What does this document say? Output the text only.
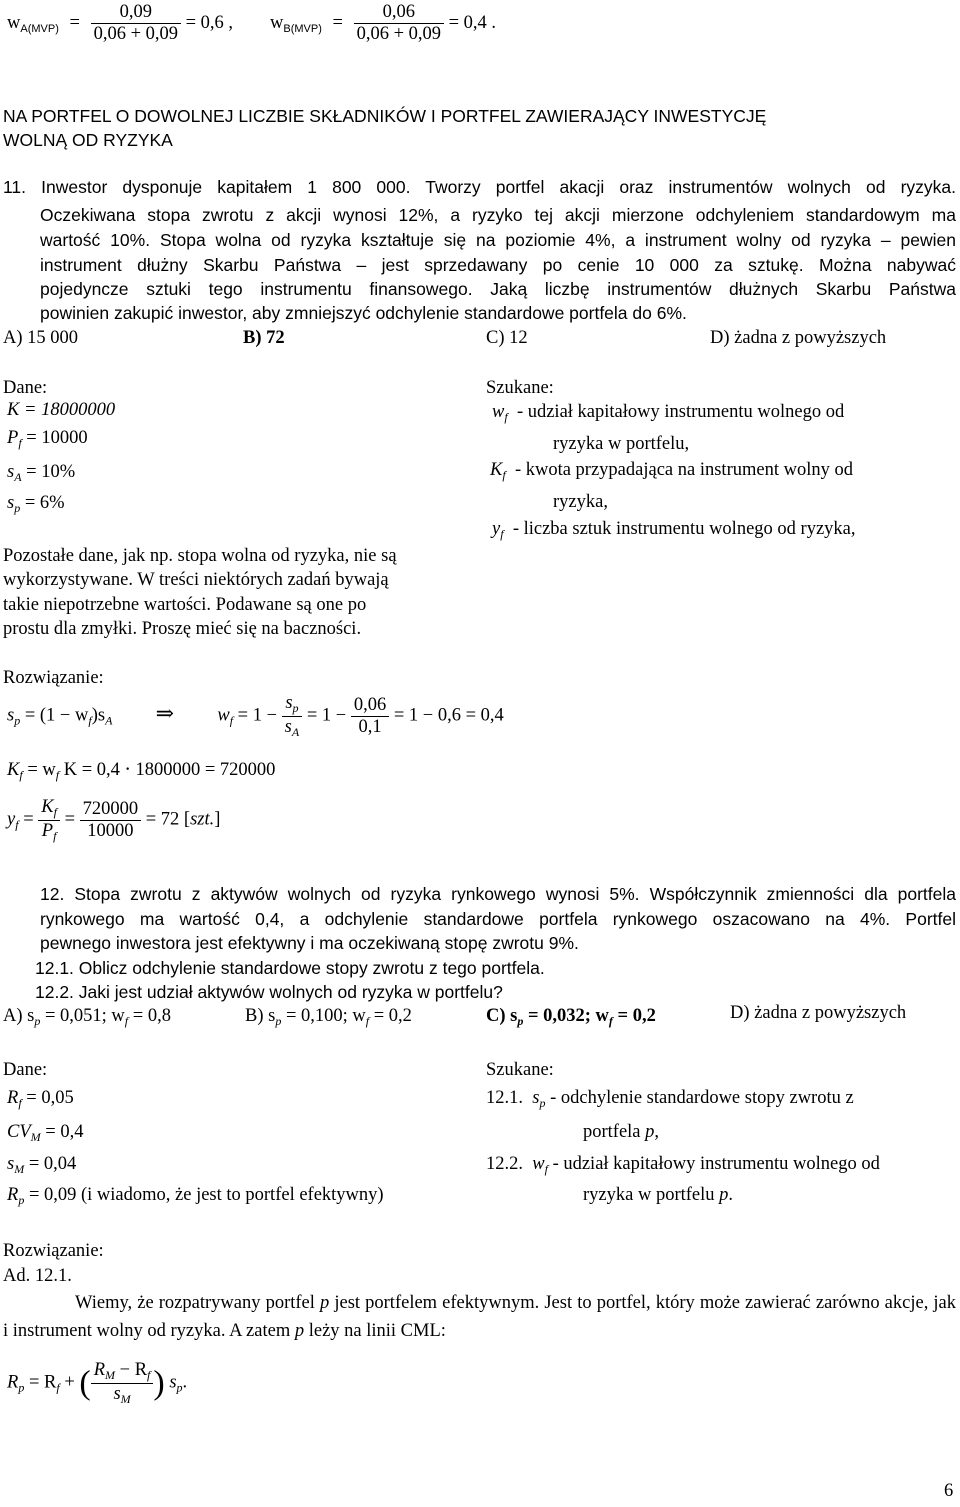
$w_{A(MVP)} = \frac{0,09}{0,06 + 0,09} = 0,6$ , $w_{B(MVP)} = \frac{0,06}{0,06 + 0,09} = 0,4$ .
NA PORTFEL O DOWOLNEJ LICZBIE SKŁADNIKÓW I PORTFEL ZAWIERAJĄCY INWESTYCJĘ
WOLNĄ OD RYZYKA
11. Inwestor dysponuje kapitałem 1 800 000. Tworzy portfel akacji oraz instrumentów wolnych od ryzyka.
Oczekiwana stopa zwrotu z akcji wynosi 12%, a ryzyko tej akcji mierzone odchyleniem standardowym ma
wartość 10%. Stopa wolna od ryzyka kształtuje się na poziomie 4%, a instrument wolny od ryzyka – pewien
instrument dłużny Skarbu Państwa – jest sprzedawany po cenie 10 000 za sztukę. Można nabywać
pojedyncze sztuki tego instrumentu finansowego. Jaką liczbę instrumentów dłużnych Skarbu Państwa
powinien zakupić inwestor, aby zmniejszyć odchylenie standardowe portfela do 6%.
A) 15 000	B) 72	C) 12	D) żadna z powyższych
Dane:
K = 18000000
$P_f = 10000$
$s_A = 10\%$
$s_p = 6\%$
Pozostałe dane, jak np. stopa wolna od ryzyka, nie są
wykorzystywane. W treści niektórych zadań bywają
takie niepotrzebne wartości. Podawane są one po
prostu dla zmyłki. Proszę mieć się na baczności.
Szukane:
$w_f$ - udział kapitałowy instrumentu wolnego od
ryzyka w portfelu,
$K_f$ - kwota przypadająca na instrument wolny od
ryzyka,
$y_f$ - liczba sztuk instrumentu wolnego od ryzyka,
Rozwiązanie:
$s_p = (1 - w_f)s_A$ ⇒ $w_f = 1 - \frac{s_p}{s_A} = 1 - \frac{0,06}{0,1} = 1 - 0,6 = 0,4$
$K_f = w_f$ K = 0,4 ⋅ 1800000 = 720000
$y_f = \frac{K_f}{P_f} = \frac{720000}{10000} = 72$ [szt.]
12. Stopa zwrotu z aktywów wolnych od ryzyka rynkowego wynosi 5%. Współczynnik zmienności dla portfela
rynkowego ma wartość 0,4, a odchylenie standardowe portfela rynkowego oszacowano na 4%. Portfel
pewnego inwestora jest efektywny i ma oczekiwaną stopę zwrotu 9%.
12.1. Oblicz odchylenie standardowe stopy zwrotu z tego portfela.
12.2. Jaki jest udział aktywów wolnych od ryzyka w portfelu?
A) $s_p = 0,051$; $w_f = 0,8$	B) $s_p = 0,100$; $w_f = 0,2$	C) $s_p = 0,032$; $w_f = 0,2$	D) żadna z powyższych
Dane:
$R_f = 0,05$
$CV_M = 0,4$
$s_M = 0,04$
$R_p = 0,09$ (i wiadomo, że jest to portfel efektywny)
Szukane:
12.1. $s_p$ - odchylenie standardowe stopy zwrotu z
portfela p,
12.2. $w_f$ - udział kapitałowy instrumentu wolnego od
ryzyka w portfelu p.
Rozwiązanie:
Ad. 12.1.
Wiemy, że rozpatrywany portfel p jest portfelem efektywnym. Jest to portfel, który może zawierać zarówno akcje, jak i instrument wolny od ryzyka. A zatem p leży na linii CML:
$R_p = R_f$ + ( $\frac{R_M - R_f}{s_M}$ ) $s_p$.
6
